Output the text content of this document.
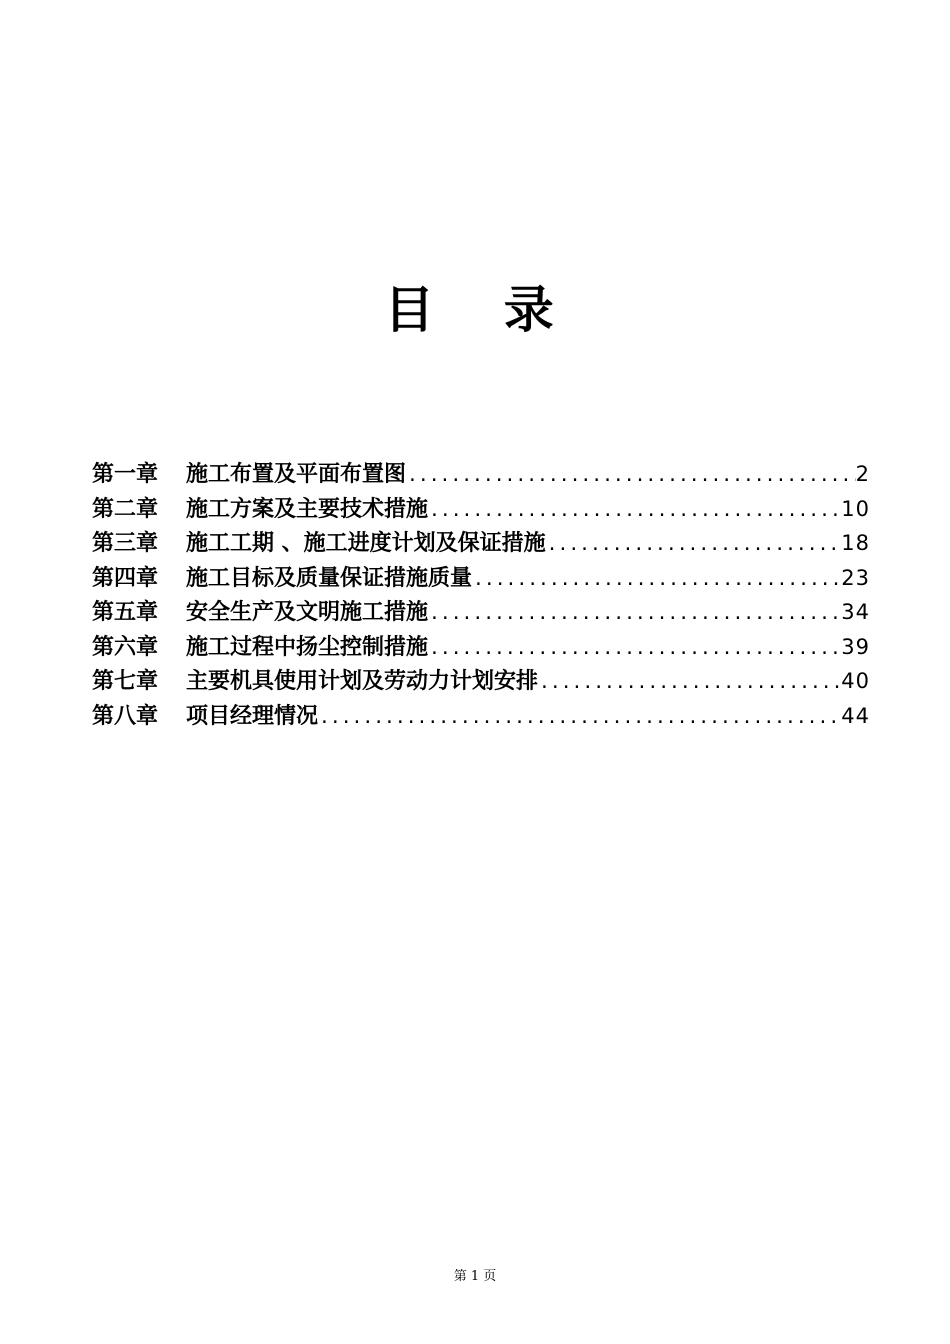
目 录
第一章	施工布置及平面布置图 .....	2
第二章	施工方案及主要技术措施 .....	10
第三章	施工工期 、施工进度计划及保证措施 .....	18
第四章	施工目标及质量保证措施质量 .....	23
第五章	安全生产及文明施工措施 .....	34
第六章	施工过程中扬尘控制措施 .....	39
第七章	主要机具使用计划及劳动力计划安排 .....	40
第八章	项目经理情况 .....	44
第 1 页
